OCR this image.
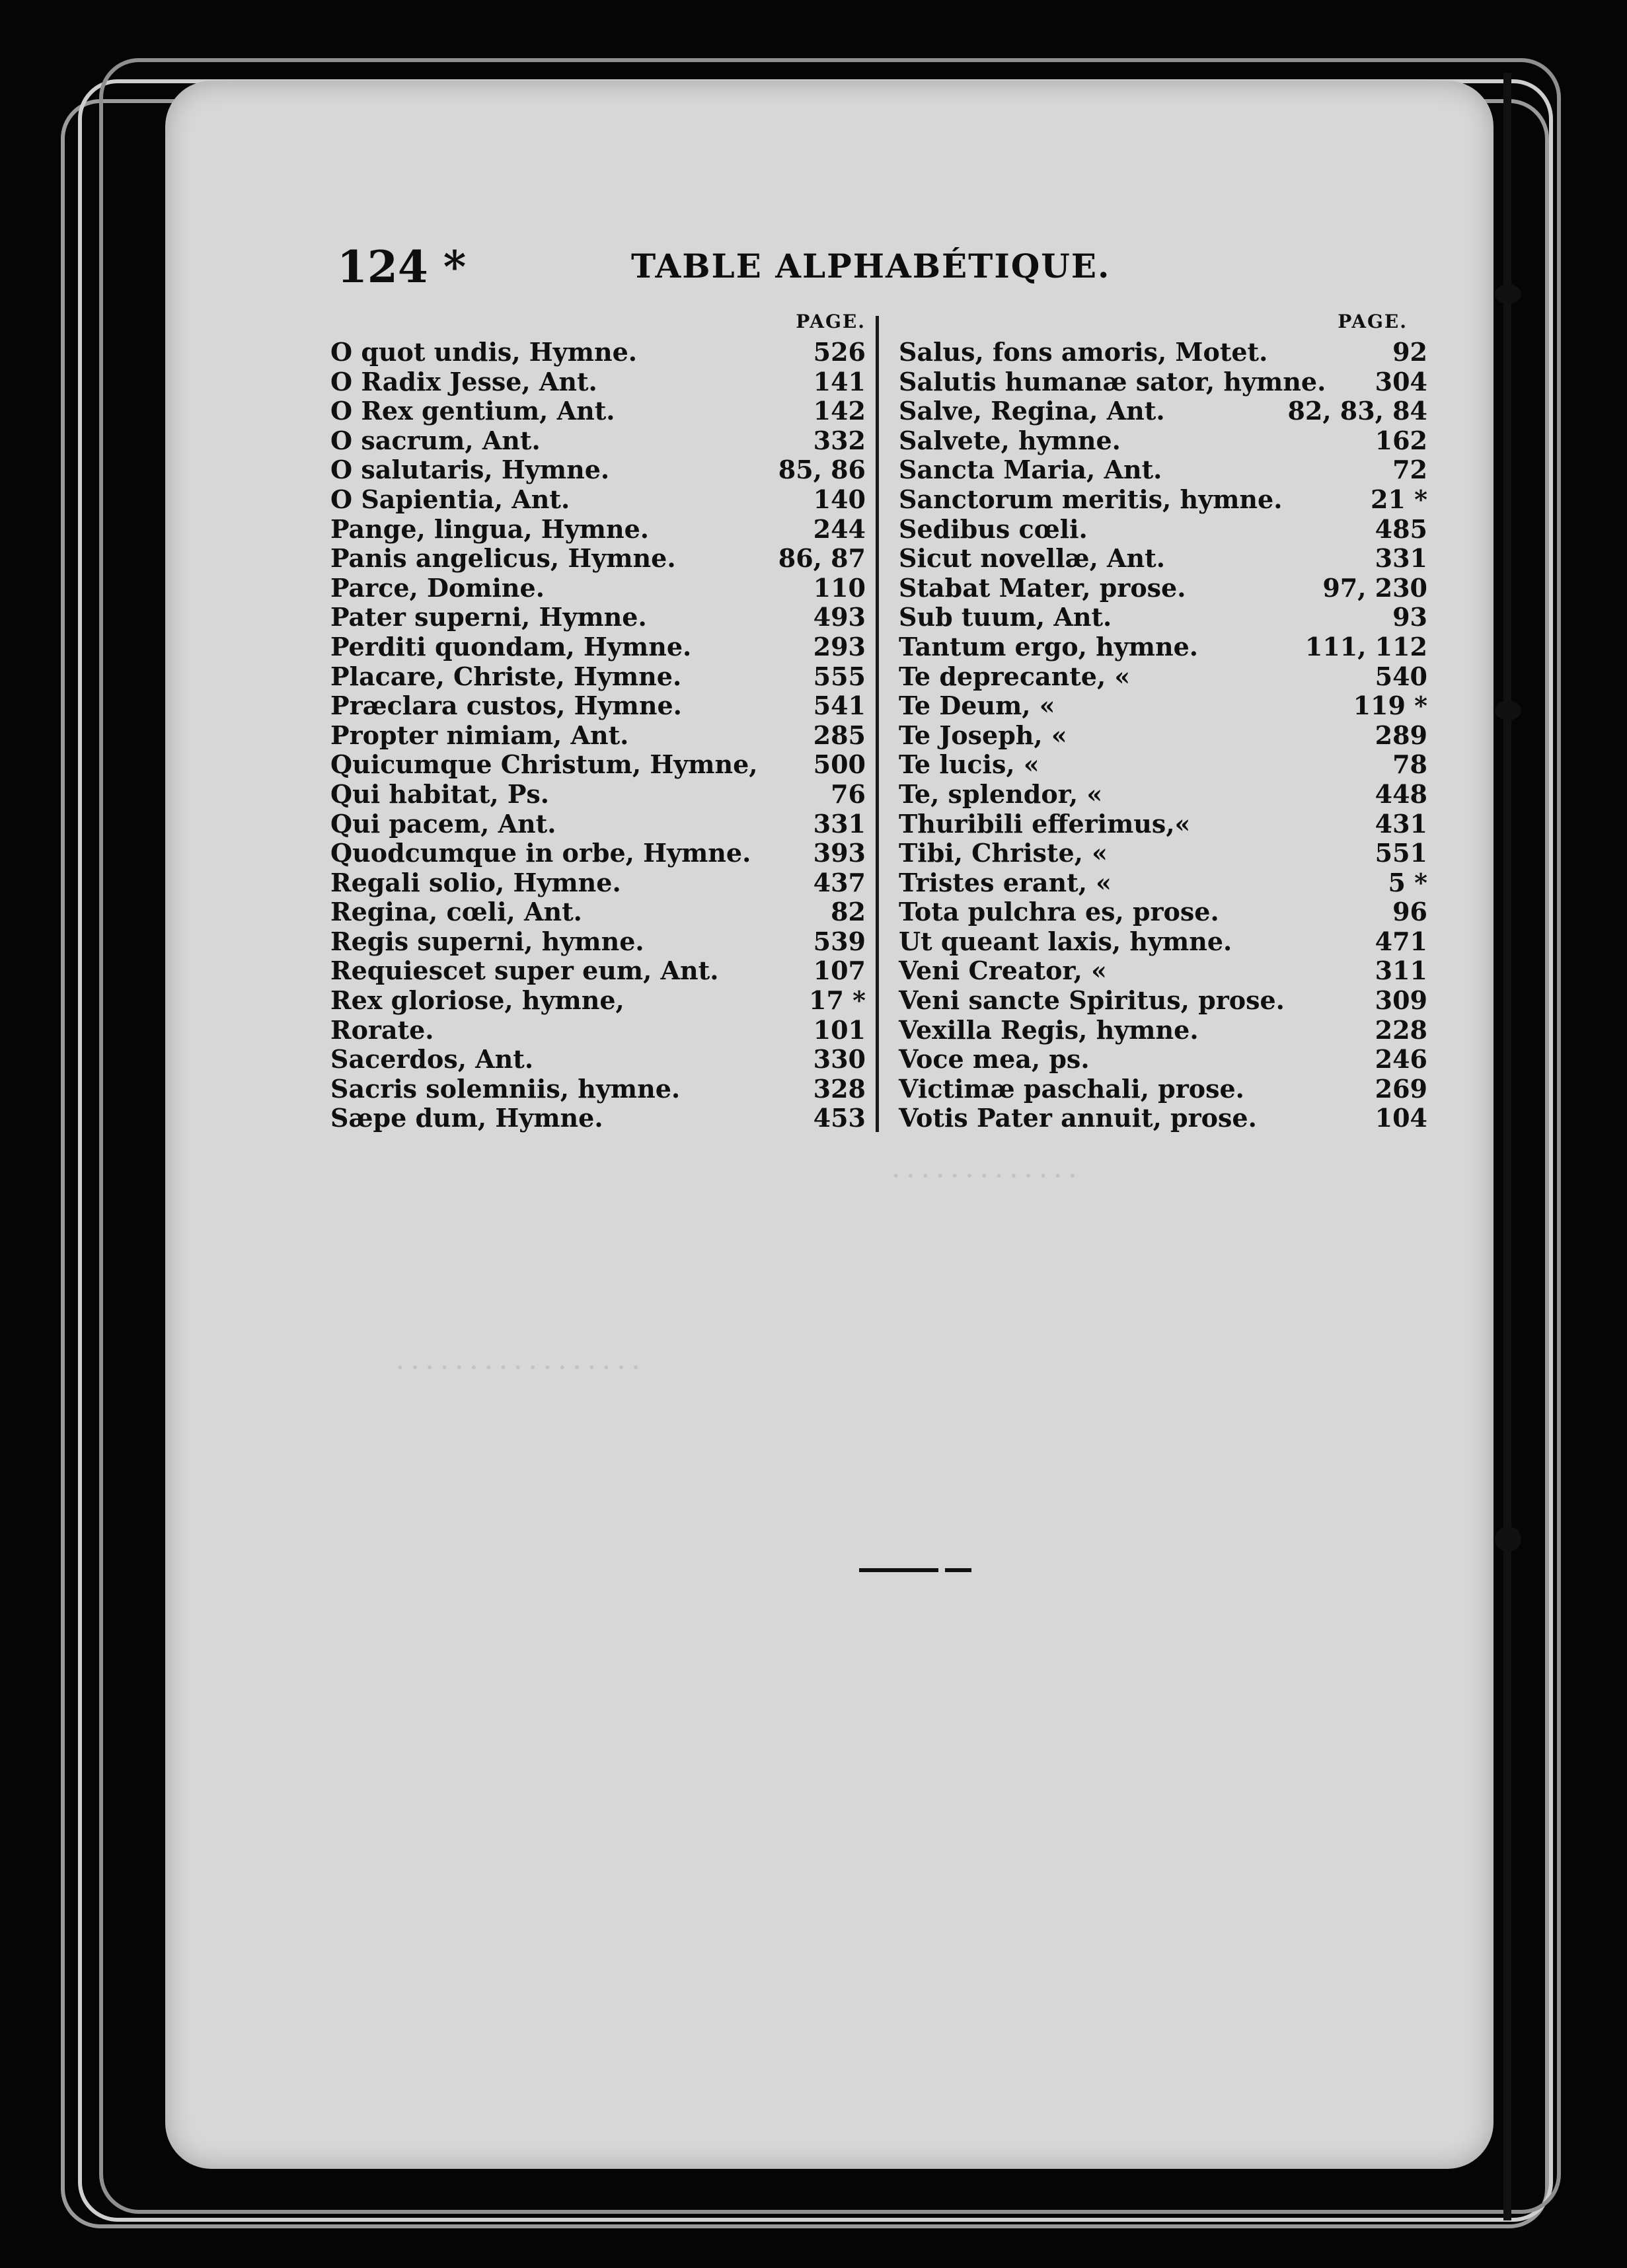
· · · · · · · · · · · · ·
· · · · · · · · · · · · · · · · ·
124 *	TABLE ALPHABÉTIQUE.
PAGE.
O quot undis, Hymne.	526
O Radix Jesse, Ant.	141
O Rex gentium, Ant.	142
O sacrum, Ant.	332
O salutaris, Hymne.	85, 86
O Sapientia, Ant.	140
Pange, lingua, Hymne.	244
Panis angelicus, Hymne.	86, 87
Parce, Domine.	110
Pater superni, Hymne.	493
Perditi quondam, Hymne.	293
Placare, Christe, Hymne.	555
Præclara custos, Hymne.	541
Propter nimiam, Ant.	285
Quicumque Christum, Hymne, 500
Qui habitat, Ps.	76
Qui pacem, Ant.	331
Quodcumque in orbe, Hymne. 393
Regali solio, Hymne.	437
Regina, cœli, Ant.	82
Regis superni, hymne.	539
Requiescet super eum, Ant.	107
Rex gloriose, hymne,	17 *
Rorate.	101
Sacerdos, Ant.	330
Sacris solemniis, hymne.	328
Sæpe dum, Hymne.	453
PAGE.
Salus, fons amoris, Motet.	92
Salutis humanæ sator, hymne. 304
Salve, Regina, Ant.	82, 83, 84
Salvete, hymne.	162
Sancta Maria, Ant.	72
Sanctorum meritis, hymne.	21 *
Sedibus cœli.	485
Sicut novellæ, Ant.	331
Stabat Mater, prose.	97, 230
Sub tuum, Ant.	93
Tantum ergo, hymne.	111, 112
Te deprecante, «	540
Te Deum, «	119 *
Te Joseph, «	289
Te lucis, «	78
Te, splendor, «	448
Thuribili efferimus,«	431
Tibi, Christe, «	551
Tristes erant, «	5 *
Tota pulchra es, prose.	96
Ut queant laxis, hymne.	471
Veni Creator, «	311
Veni sancte Spiritus, prose.	309
Vexilla Regis, hymne.	228
Voce mea, ps.	246
Victimæ paschali, prose.	269
Votis Pater annuit, prose.	104
